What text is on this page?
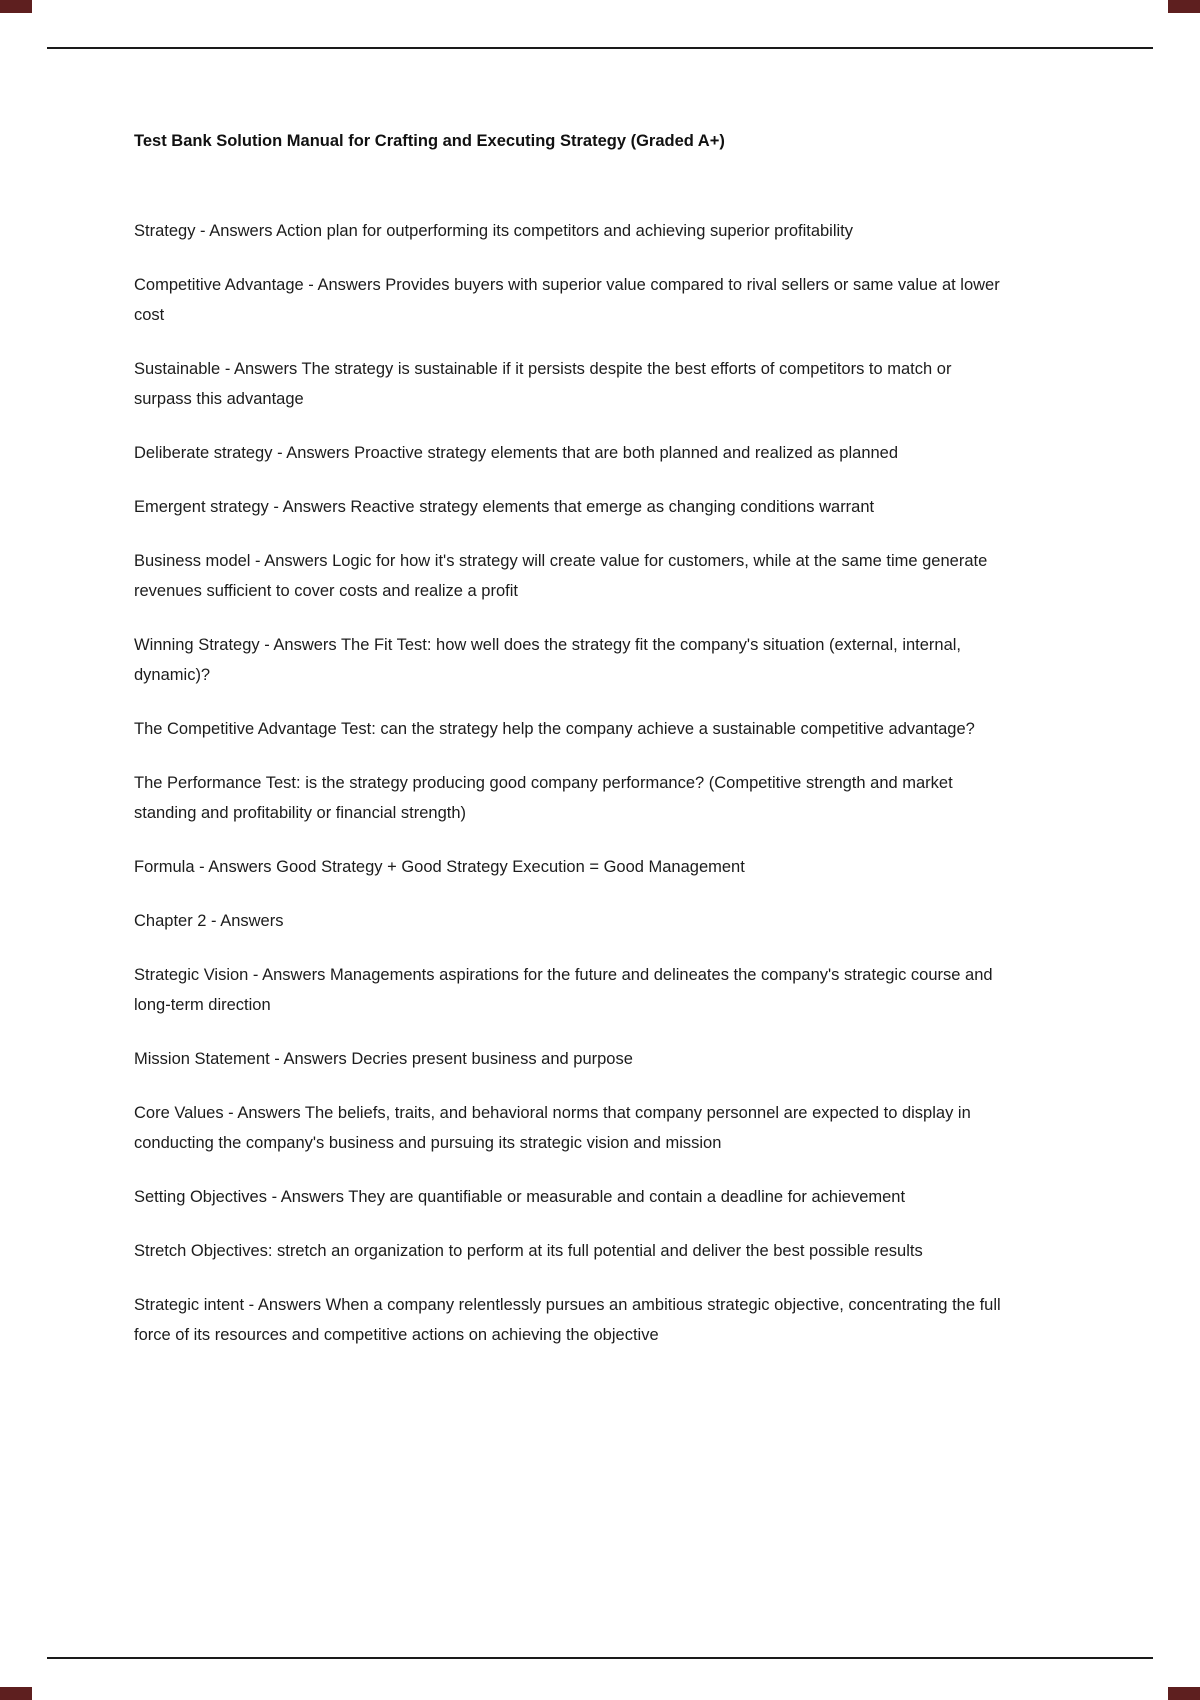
Test Bank Solution Manual for Crafting and Executing Strategy (Graded A+)

Strategy - Answers Action plan for outperforming its competitors and achieving superior profitability

Competitive Advantage - Answers Provides buyers with superior value compared to rival sellers or same value at lower cost

Sustainable - Answers The strategy is sustainable if it persists despite the best efforts of competitors to match or surpass this advantage

Deliberate strategy - Answers Proactive strategy elements that are both planned and realized as planned

Emergent strategy - Answers Reactive strategy elements that emerge as changing conditions warrant

Business model - Answers Logic for how it's strategy will create value for customers, while at the same time generate revenues sufficient to cover costs and realize a profit

Winning Strategy - Answers The Fit Test: how well does the strategy fit the company's situation (external, internal, dynamic)?

The Competitive Advantage Test: can the strategy help the company achieve a sustainable competitive advantage?

The Performance Test: is the strategy producing good company performance? (Competitive strength and market standing and profitability or financial strength)

Formula - Answers Good Strategy + Good Strategy Execution = Good Management

Chapter 2 - Answers

Strategic Vision - Answers Managements aspirations for the future and delineates the company's strategic course and long-term direction

Mission Statement - Answers Decries present business and purpose

Core Values - Answers The beliefs, traits, and behavioral norms that company personnel are expected to display in conducting the company's business and pursuing its strategic vision and mission

Setting Objectives - Answers They are quantifiable or measurable and contain a deadline for achievement

Stretch Objectives: stretch an organization to perform at its full potential and deliver the best possible results

Strategic intent - Answers When a company relentlessly pursues an ambitious strategic objective, concentrating the full force of its resources and competitive actions on achieving the objective
